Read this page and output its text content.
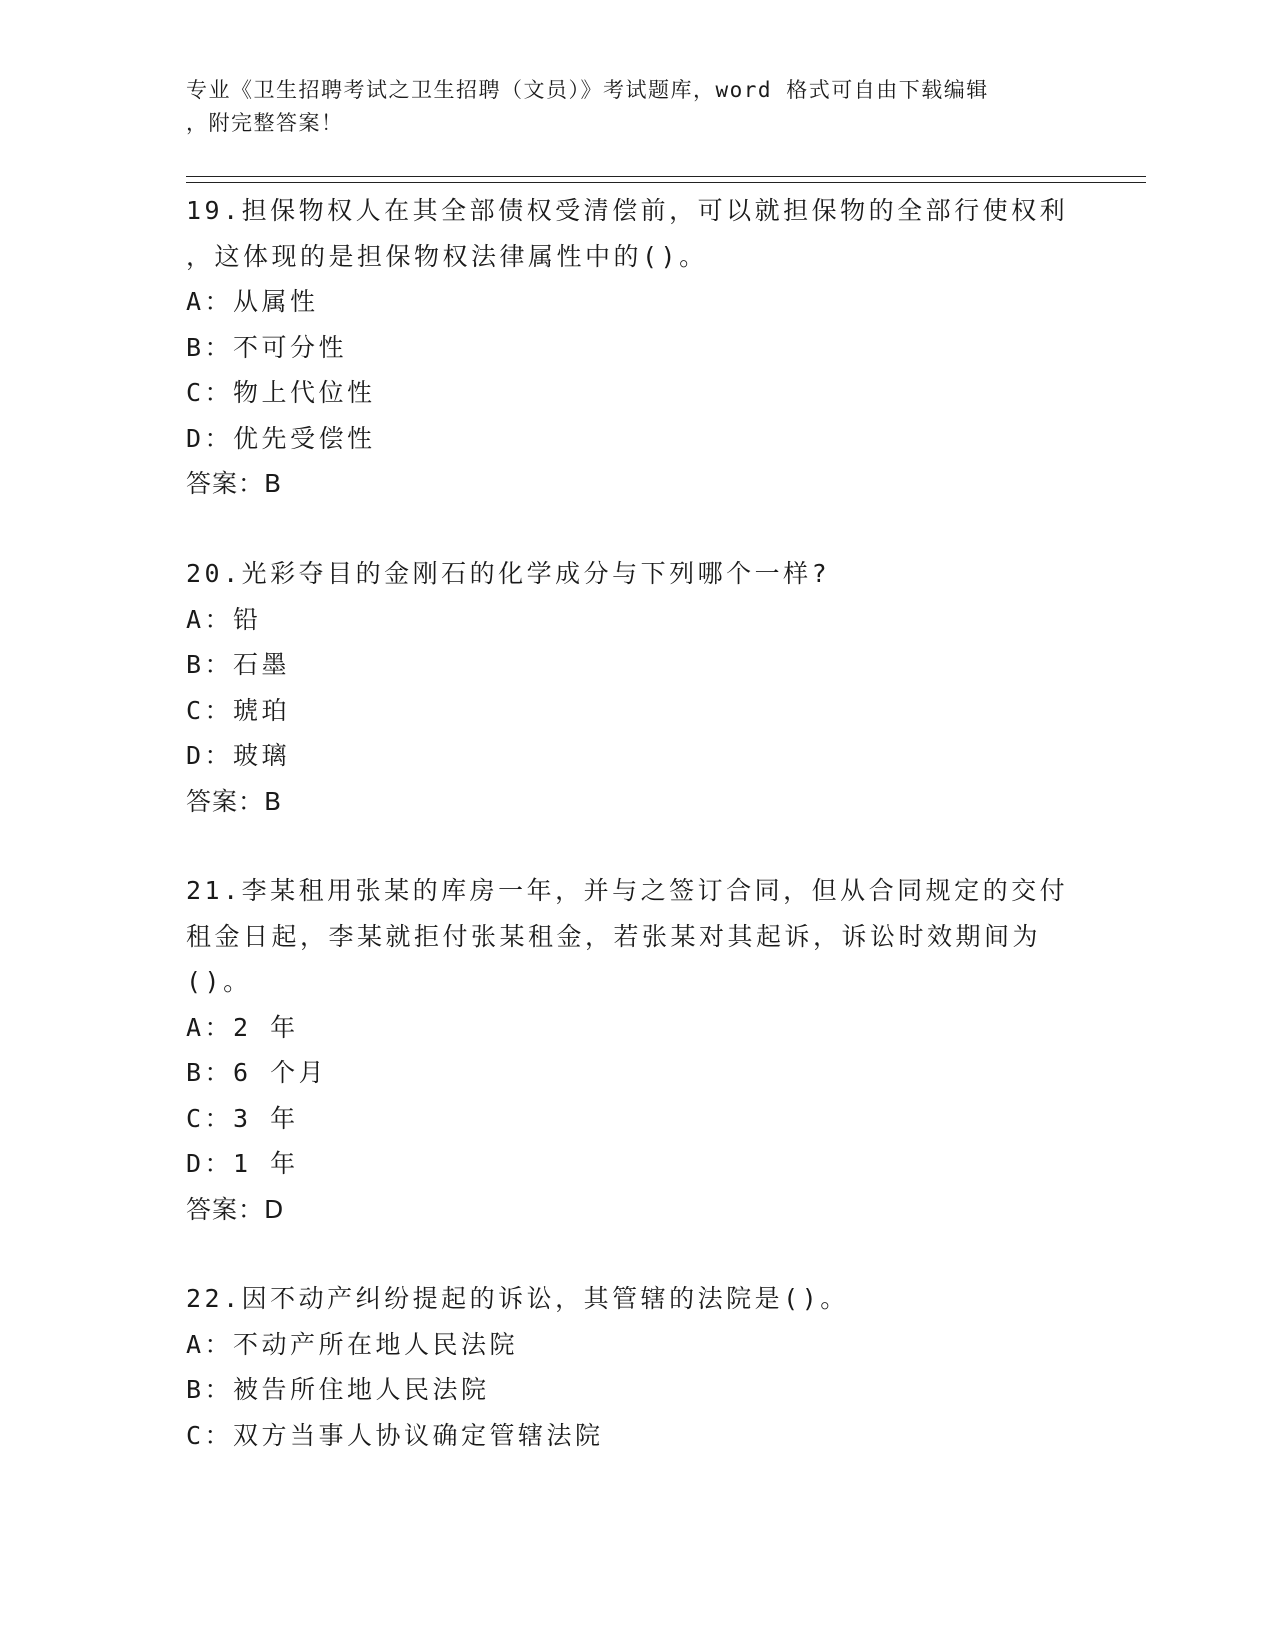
专业《卫生招聘考试之卫生招聘（文员）》考试题库，word 格式可自由下载编辑
，附完整答案！

19.担保物权人在其全部债权受清偿前，可以就担保物的全部行使权利

，这体现的是担保物权法律属性中的()。

A：从属性

B：不可分性

C：物上代位性

D：优先受偿性

答案：B

20.光彩夺目的金刚石的化学成分与下列哪个一样?

A：铅

B：石墨

C：琥珀

D：玻璃

答案：B

21.李某租用张某的库房一年，并与之签订合同，但从合同规定的交付

租金日起，李某就拒付张某租金，若张某对其起诉，诉讼时效期间为

()。

A：2 年

B：6 个月

C：3 年

D：1 年

答案：D

22.因不动产纠纷提起的诉讼，其管辖的法院是()。

A：不动产所在地人民法院

B：被告所住地人民法院

C：双方当事人协议确定管辖法院
